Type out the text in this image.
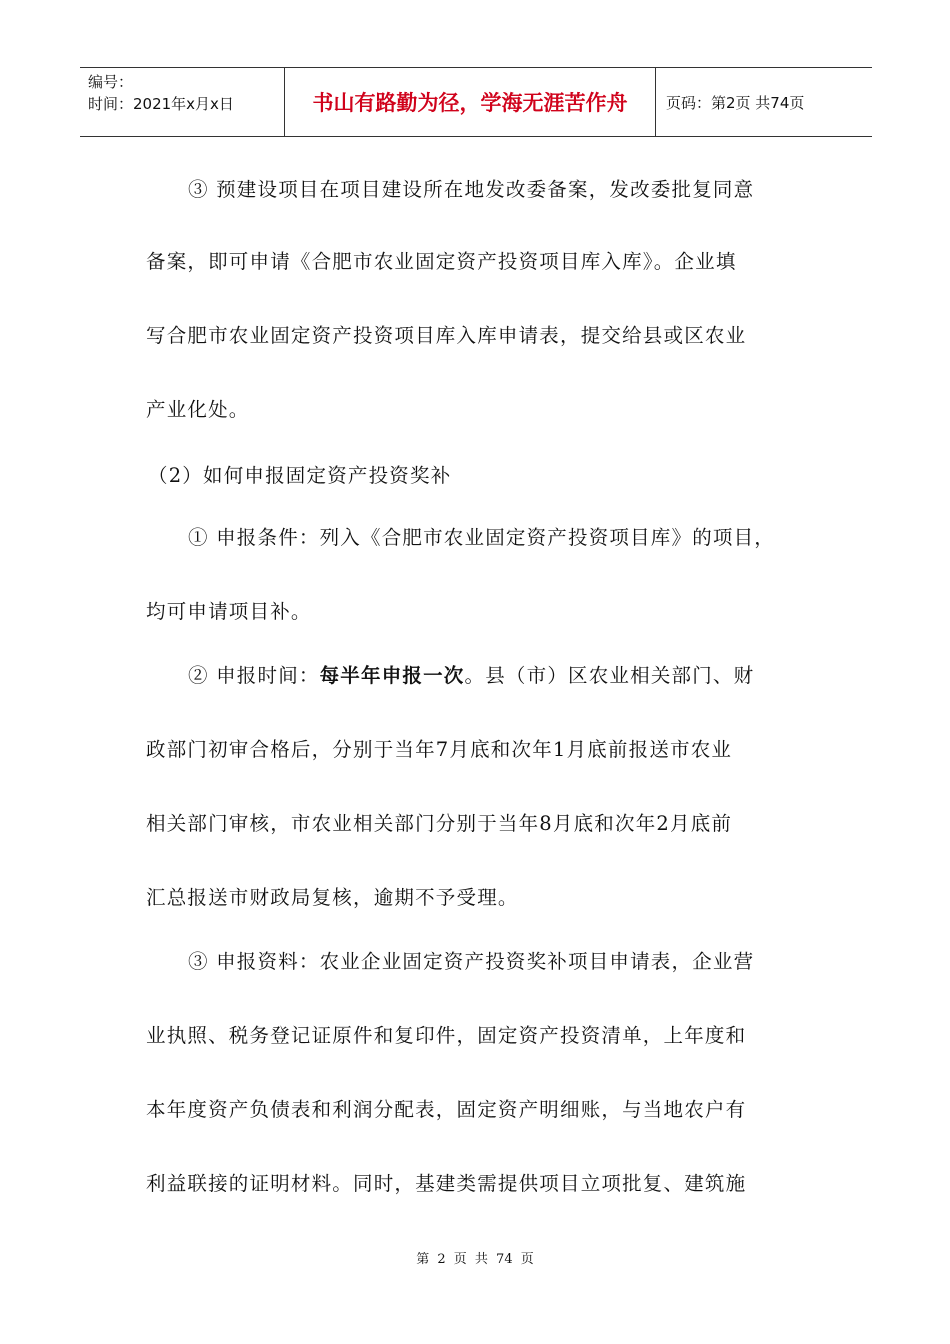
编号：
时间：2021年x月x日	书山有路勤为径，学海无涯苦作舟	页码：第2页 共74页
③ 预建设项目在项目建设所在地发改委备案，发改委批复同意
备案，即可申请《合肥市农业固定资产投资项目库入库》。企业填
写合肥市农业固定资产投资项目库入库申请表，提交给县或区农业
产业化处。
（2）如何申报固定资产投资奖补
① 申报条件：列入《合肥市农业固定资产投资项目库》的项目，
均可申请项目补。
② 申报时间：每半年申报一次。县（市）区农业相关部门、财
政部门初审合格后，分别于当年7月底和次年1月底前报送市农业
相关部门审核，市农业相关部门分别于当年8月底和次年2月底前
汇总报送市财政局复核，逾期不予受理。
③ 申报资料：农业企业固定资产投资奖补项目申请表，企业营
业执照、税务登记证原件和复印件，固定资产投资清单，上年度和
本年度资产负债表和利润分配表，固定资产明细账，与当地农户有
利益联接的证明材料。同时，基建类需提供项目立项批复、建筑施
第 2 页 共 74 页
